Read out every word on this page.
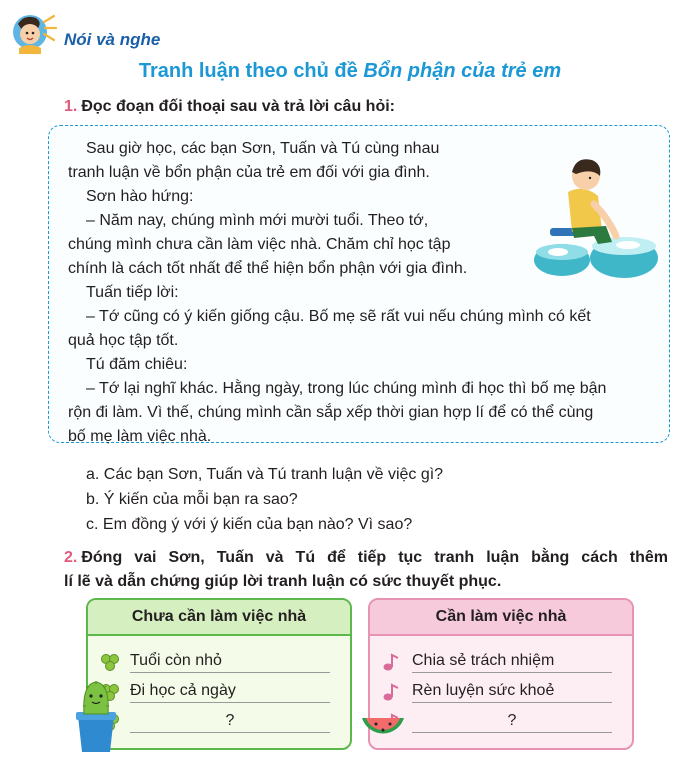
Nói và nghe
Tranh luận theo chủ đề Bổn phận của trẻ em
1. Đọc đoạn đối thoại sau và trả lời câu hỏi:
Sau giờ học, các bạn Sơn, Tuấn và Tú cùng nhau
tranh luận về bổn phận của trẻ em đối với gia đình.
Sơn hào hứng:
– Năm nay, chúng mình mới mười tuổi. Theo tớ,
chúng mình chưa cần làm việc nhà. Chăm chỉ học tập
chính là cách tốt nhất để thể hiện bổn phận với gia đình.
Tuấn tiếp lời:
– Tớ cũng có ý kiến giống cậu. Bố mẹ sẽ rất vui nếu chúng mình có kết
quả học tập tốt.
Tú đăm chiêu:
– Tớ lại nghĩ khác. Hằng ngày, trong lúc chúng mình đi học thì bố mẹ bận
rộn đi làm. Vì thế, chúng mình cần sắp xếp thời gian hợp lí để có thể cùng
bố mẹ làm việc nhà.
a. Các bạn Sơn, Tuấn và Tú tranh luận về việc gì?
b. Ý kiến của mỗi bạn ra sao?
c. Em đồng ý với ý kiến của bạn nào? Vì sao?
2. Đóng vai Sơn, Tuấn và Tú để tiếp tục tranh luận bằng cách thêm
lí lẽ và dẫn chứng giúp lời tranh luận có sức thuyết phục.
Chưa cần làm việc nhà
Tuổi còn nhỏ
Đi học cả ngày
?
Cần làm việc nhà
Chia sẻ trách nhiệm
Rèn luyện sức khoẻ
?
